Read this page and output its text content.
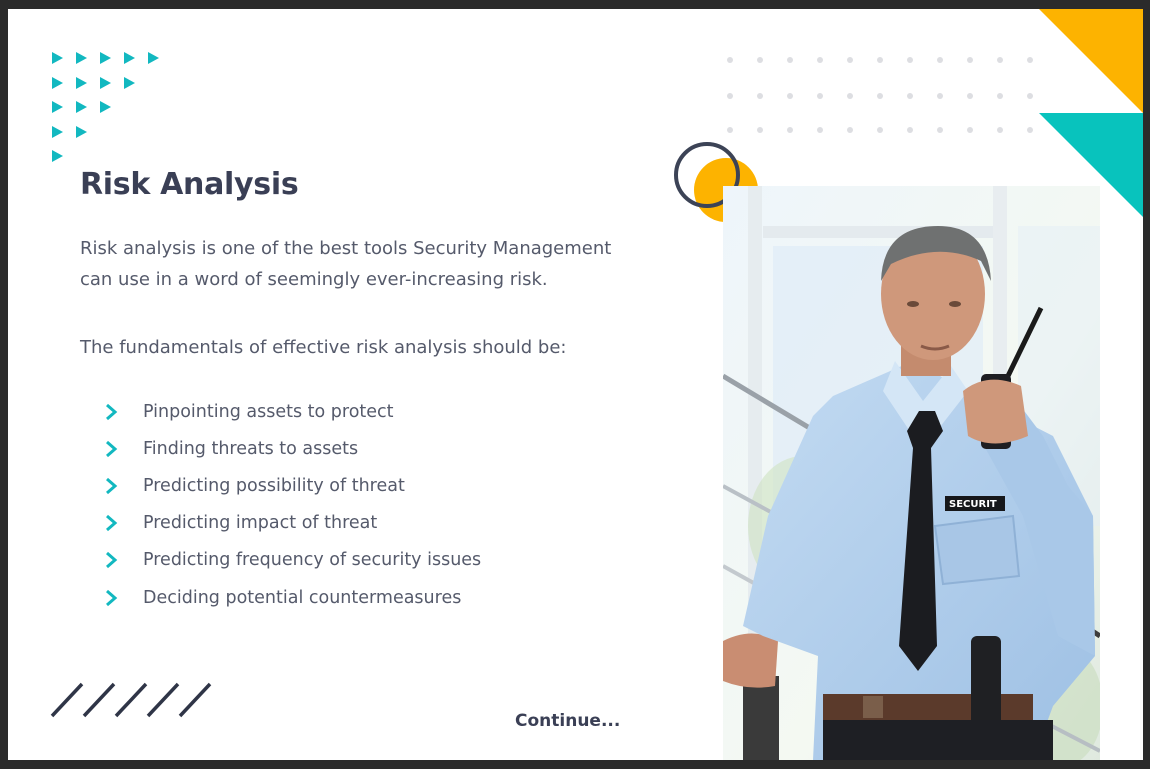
SECURIT
Risk Analysis

Risk analysis is one of the best tools Security Management can use in a word of seemingly ever-increasing risk.

The fundamentals of effective risk analysis should be:

Pinpointing assets to protect
Finding threats to assets
Predicting possibility of threat
Predicting impact of threat
Predicting frequency of security issues
Deciding potential countermeasures
Continue...
